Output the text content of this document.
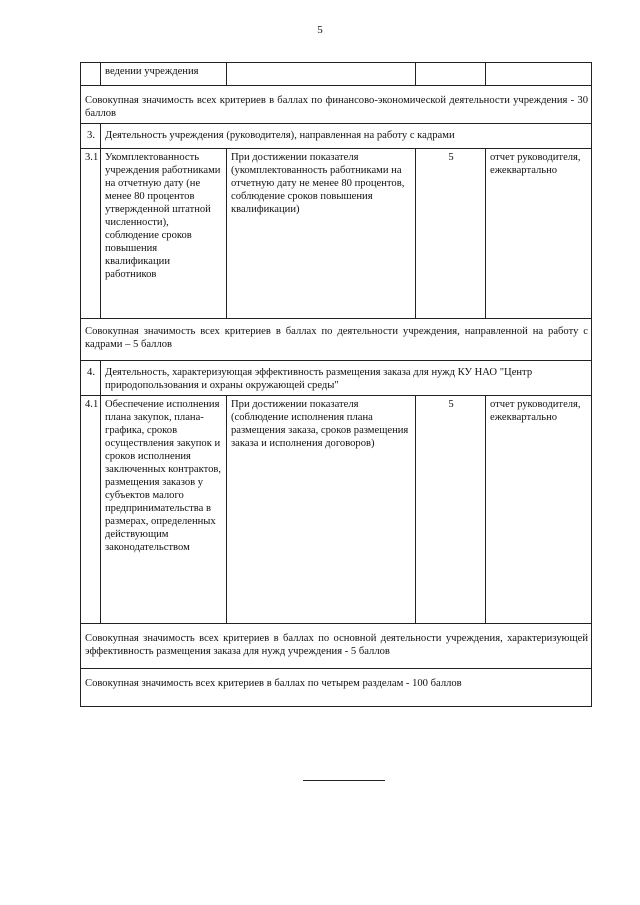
5
	ведении учреждения			
Совокупная значимость всех критериев в баллах по финансово-экономической деятельности учреждения - 30 баллов				
3.	Деятельность учреждения (руководителя), направленная на работу с кадрами			
3.1	Укомплектованность учреждения работниками на отчетную дату (не менее 80 процентов утвержденной штатной численности), соблюдение сроков повышения квалификации работников	При достижении показателя (укомплектованность работниками на отчетную дату не менее 80 процентов, соблюдение сроков повышения квалификации)	5	отчет руководителя, ежеквартально
Совокупная значимость всех критериев в баллах по деятельности учреждения, направленной на работу с кадрами – 5 баллов				
4.	Деятельность, характеризующая эффективность размещения заказа для нужд КУ НАО "Центр природопользования и охраны окружающей среды"			
4.1	Обеспечение исполнения плана закупок, плана-графика, сроков осуществления закупок и сроков исполнения заключенных контрактов, размещения заказов у субъектов малого предпринимательства в размерах, определенных действующим законодательством	При достижении показателя (соблюдение исполнения плана размещения заказа, сроков размещения заказа и исполнения договоров)	5	отчет руководителя, ежеквартально
Совокупная значимость всех критериев в баллах по основной деятельности учреждения, характеризующей эффективность размещения заказа для нужд учреждения - 5 баллов				
Совокупная значимость всех критериев в баллах по четырем разделам - 100 баллов				
